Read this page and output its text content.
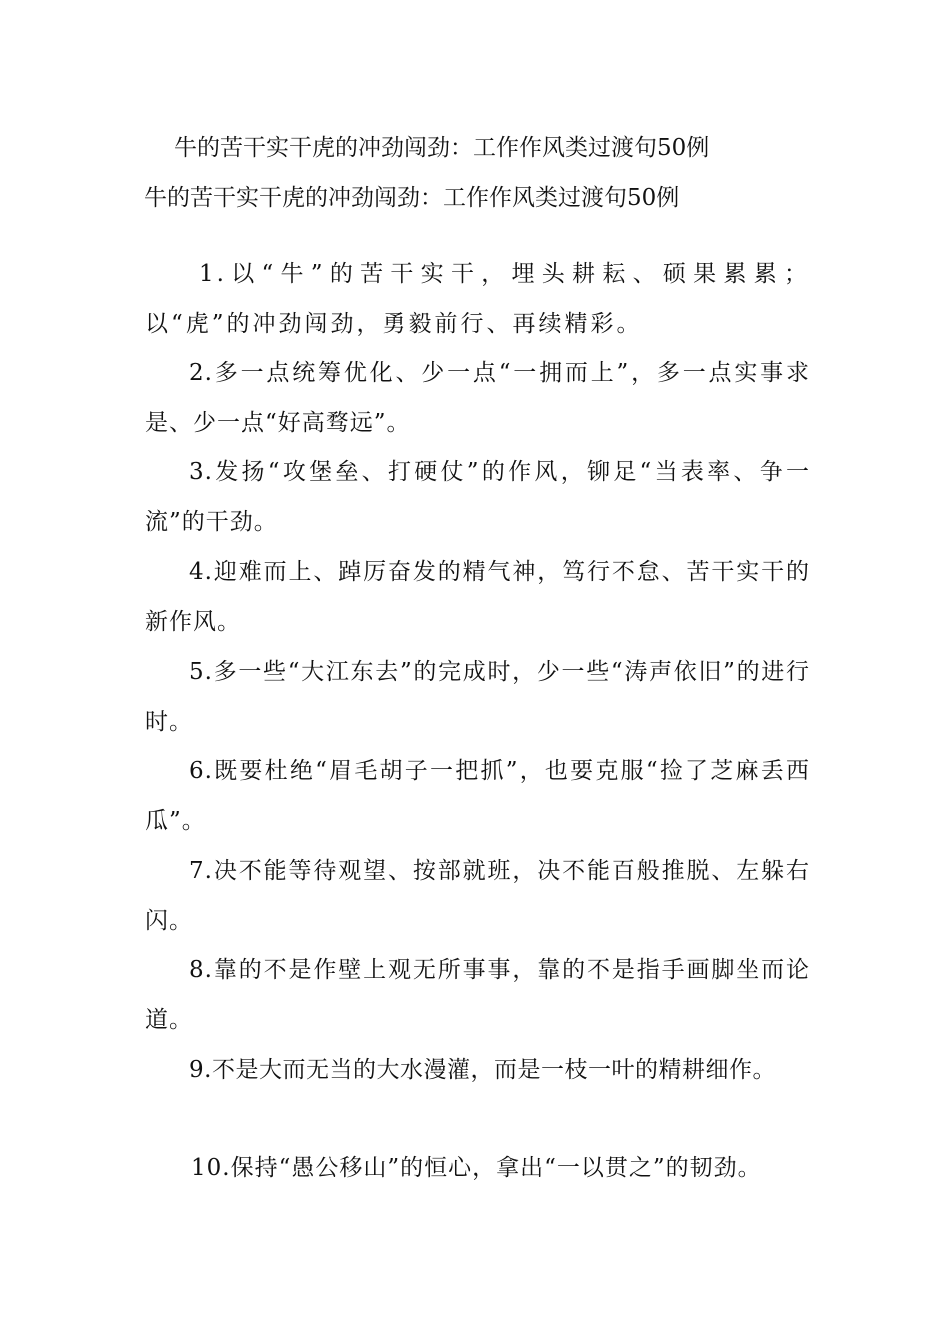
牛的苦干实干虎的冲劲闯劲：工作作风类过渡句50例
牛的苦干实干虎的冲劲闯劲：工作作风类过渡句50例

1.以“牛”的苦干实干，埋头耕耘、硕果累累；以“虎”的冲劲闯劲，勇毅前行、再续精彩。

2.多一点统筹优化、少一点“一拥而上”，多一点实事求是、少一点“好高骛远”。

3.发扬“攻堡垒、打硬仗”的作风，铆足“当表率、争一流”的干劲。

4.迎难而上、踔厉奋发的精气神，笃行不怠、苦干实干的新作风。

5.多一些“大江东去”的完成时，少一些“涛声依旧”的进行时。

6.既要杜绝“眉毛胡子一把抓”，也要克服“捡了芝麻丢西瓜”。

7.决不能等待观望、按部就班，决不能百般推脱、左躲右闪。

8.靠的不是作壁上观无所事事，靠的不是指手画脚坐而论道。

9.不是大而无当的大水漫灌，而是一枝一叶的精耕细作。

10.保持“愚公移山”的恒心，拿出“一以贯之”的韧劲。
